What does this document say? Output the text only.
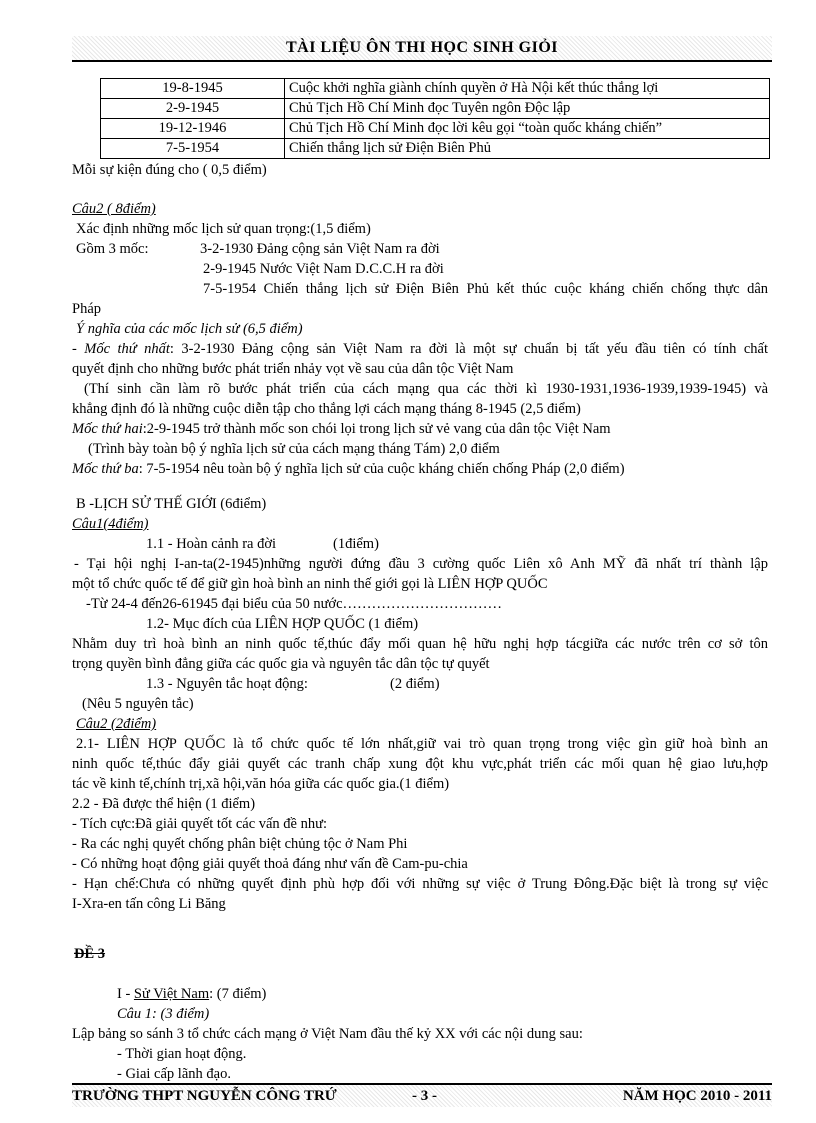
TÀI LIỆU ÔN THI HỌC SINH GIỎI
19-8-1945	Cuộc khởi nghĩa giành chính quyền ở Hà Nội kết thúc thắng lợi
2-9-1945	Chủ Tịch Hồ Chí Minh đọc Tuyên ngôn Độc lập
19-12-1946	Chủ Tịch Hồ Chí Minh đọc lời kêu gọi “toàn quốc kháng chiến”
7-5-1954	Chiến thắng lịch sử Điện Biên Phủ
Mỗi sự kiện đúng cho ( 0,5 điểm)
Câu2 ( 8điểm)
Xác định những mốc lịch sử quan trọng:(1,5 điểm)
Gồm 3 mốc:	3-2-1930 Đảng cộng sản Việt Nam ra đời
2-9-1945 Nước Việt Nam D.C.C.H ra đời
7-5-1954 Chiến thắng lịch sử Điện Biên Phủ kết thúc cuộc kháng chiến chống thực dân
Pháp
Ý nghĩa của các mốc lịch sử (6,5 điểm)
- Mốc thứ nhất: 3-2-1930 Đảng cộng sản Việt Nam ra đời là một sự chuẩn bị tất yếu đầu tiên có tính chất
quyết định cho những bước phát triển nhảy vọt về sau của dân tộc Việt Nam
(Thí sinh cần làm rõ bước phát triển của cách mạng qua các thời kì 1930-1931,1936-1939,1939-1945) và
khẳng định đó là những cuộc diễn tập cho thắng lợi cách mạng tháng 8-1945 (2,5 điểm)
Mốc thứ hai:2-9-1945 trở thành mốc son chói lọi trong lịch sử vẻ vang của dân tộc Việt Nam
(Trình bày toàn bộ ý nghĩa lịch sử của cách mạng tháng Tám) 2,0 điểm
Mốc thứ ba: 7-5-1954 nêu toàn bộ ý nghĩa lịch sử của cuộc kháng chiến chống Pháp (2,0 điểm)
B -LỊCH SỬ THẾ GIỚI (6điểm)
Câu1(4điểm)
1.1 - Hoàn cảnh ra đời	(1điểm)
- Tại hội nghị I-an-ta(2-1945)những người đứng đầu 3 cường quốc Liên xô Anh MỸ đã nhất trí thành lập
một tổ chức quốc tế để giữ gìn hoà bình an ninh thế giới gọi là LIÊN HỢP QUỐC
-Từ 24-4 đến26-61945 đại biểu của 50 nước……………………………
1.2- Mục đích của LIÊN HỢP QUỐC (1 điểm)
Nhằm duy trì hoà bình an ninh quốc tế,thúc đẩy mối quan hệ hữu nghị hợp tácgiữa các nước trên cơ sở tôn
trọng quyền bình đẳng giữa các quốc gia và nguyên tắc dân tộc tự quyết
1.3 - Nguyên tắc hoạt động:	(2 điểm)
(Nêu 5 nguyên tắc)
Câu2 (2điểm)
2.1- LIÊN HỢP QUỐC là tổ chức quốc tế lớn nhất,giữ vai trò quan trọng trong việc gìn giữ hoà bình an
ninh quốc tế,thúc đẩy giải quyết các tranh chấp xung đột khu vực,phát triển các mối quan hệ giao lưu,hợp
tác về kinh tế,chính trị,xã hội,văn hóa giữa các quốc gia.(1 điểm)
2.2 - Đã được thể hiện (1 điểm)
- Tích cực:Đã giải quyết tốt các vấn đề như:
- Ra các nghị quyết chống phân biệt chủng tộc ở Nam Phi
- Có những hoạt động giải quyết thoả đáng như vấn đề Cam-pu-chia
- Hạn chế:Chưa có những quyết định phù hợp đối với những sự việc ở Trung Đông.Đặc biệt là trong sự việc
I-Xra-en tấn công Li Băng
ĐỀ 3
I - Sử Việt Nam: (7 điểm)
Câu 1: (3 điểm)
Lập bảng so sánh 3 tổ chức cách mạng ở Việt Nam đầu thế kỷ XX với các nội dung sau:
- Thời gian hoạt động.
- Giai cấp lãnh đạo.
TRƯỜNG THPT NGUYỄN CÔNG TRỨ	- 3 -	NĂM HỌC 2010 - 2011
